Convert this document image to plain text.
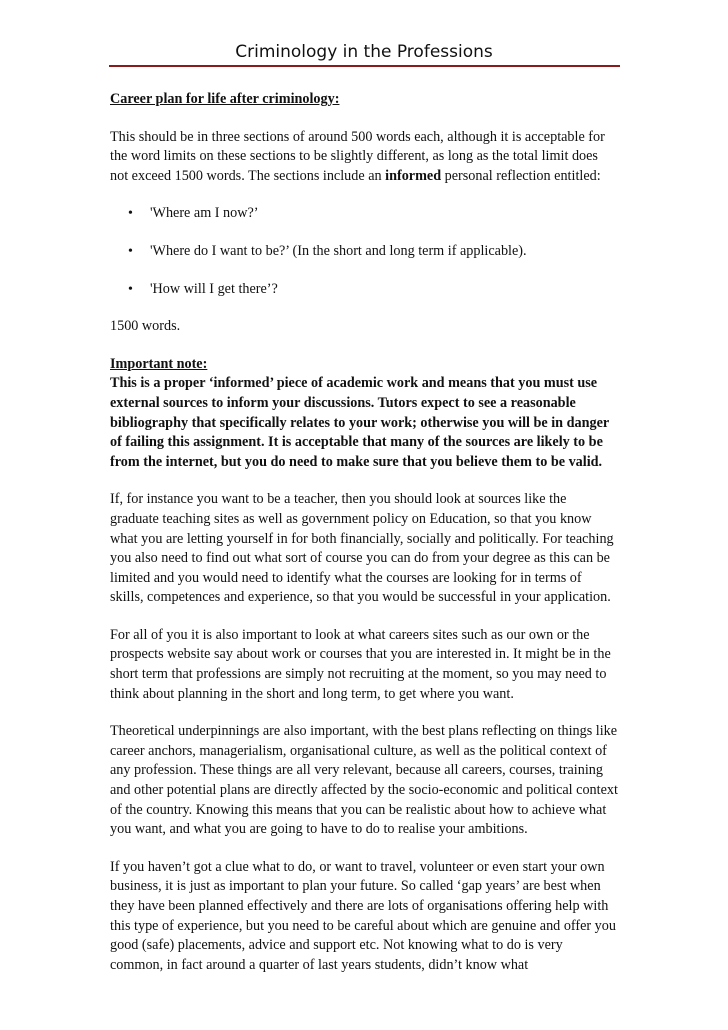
Criminology in the Professions

Career plan for life after criminology:

This should be in three sections of around 500 words each, although it is acceptable for the word limits on these sections to be slightly different, as long as the total limit does not exceed 1500 words. The sections include an informed personal reflection entitled:

• 'Where am I now?’
• 'Where do I want to be?’ (In the short and long term if applicable).
• 'How will I get there’?

1500 words.

Important note:
This is a proper ‘informed’ piece of academic work and means that you must use external sources to inform your discussions. Tutors expect to see a reasonable bibliography that specifically relates to your work; otherwise you will be in danger of failing this assignment. It is acceptable that many of the sources are likely to be from the internet, but you do need to make sure that you believe them to be valid.

If, for instance you want to be a teacher, then you should look at sources like the graduate teaching sites as well as government policy on Education, so that you know what you are letting yourself in for both financially, socially and politically. For teaching you also need to find out what sort of course you can do from your degree as this can be limited and you would need to identify what the courses are looking for in terms of skills, competences and experience, so that you would be successful in your application.

For all of you it is also important to look at what careers sites such as our own or the prospects website say about work or courses that you are interested in. It might be in the short term that professions are simply not recruiting at the moment, so you may need to think about planning in the short and long term, to get where you want.

Theoretical underpinnings are also important, with the best plans reflecting on things like career anchors, managerialism, organisational culture, as well as the political context of any profession. These things are all very relevant, because all careers, courses, training and other potential plans are directly affected by the socio-economic and political context of the country. Knowing this means that you can be realistic about how to achieve what you want, and what you are going to have to do to realise your ambitions.

If you haven’t got a clue what to do, or want to travel, volunteer or even start your own business, it is just as important to plan your future. So called ‘gap years’ are best when they have been planned effectively and there are lots of organisations offering help with this type of experience, but you need to be careful about which are genuine and offer you good (safe) placements, advice and support etc. Not knowing what to do is very common, in fact around a quarter of last years students, didn’t know what
